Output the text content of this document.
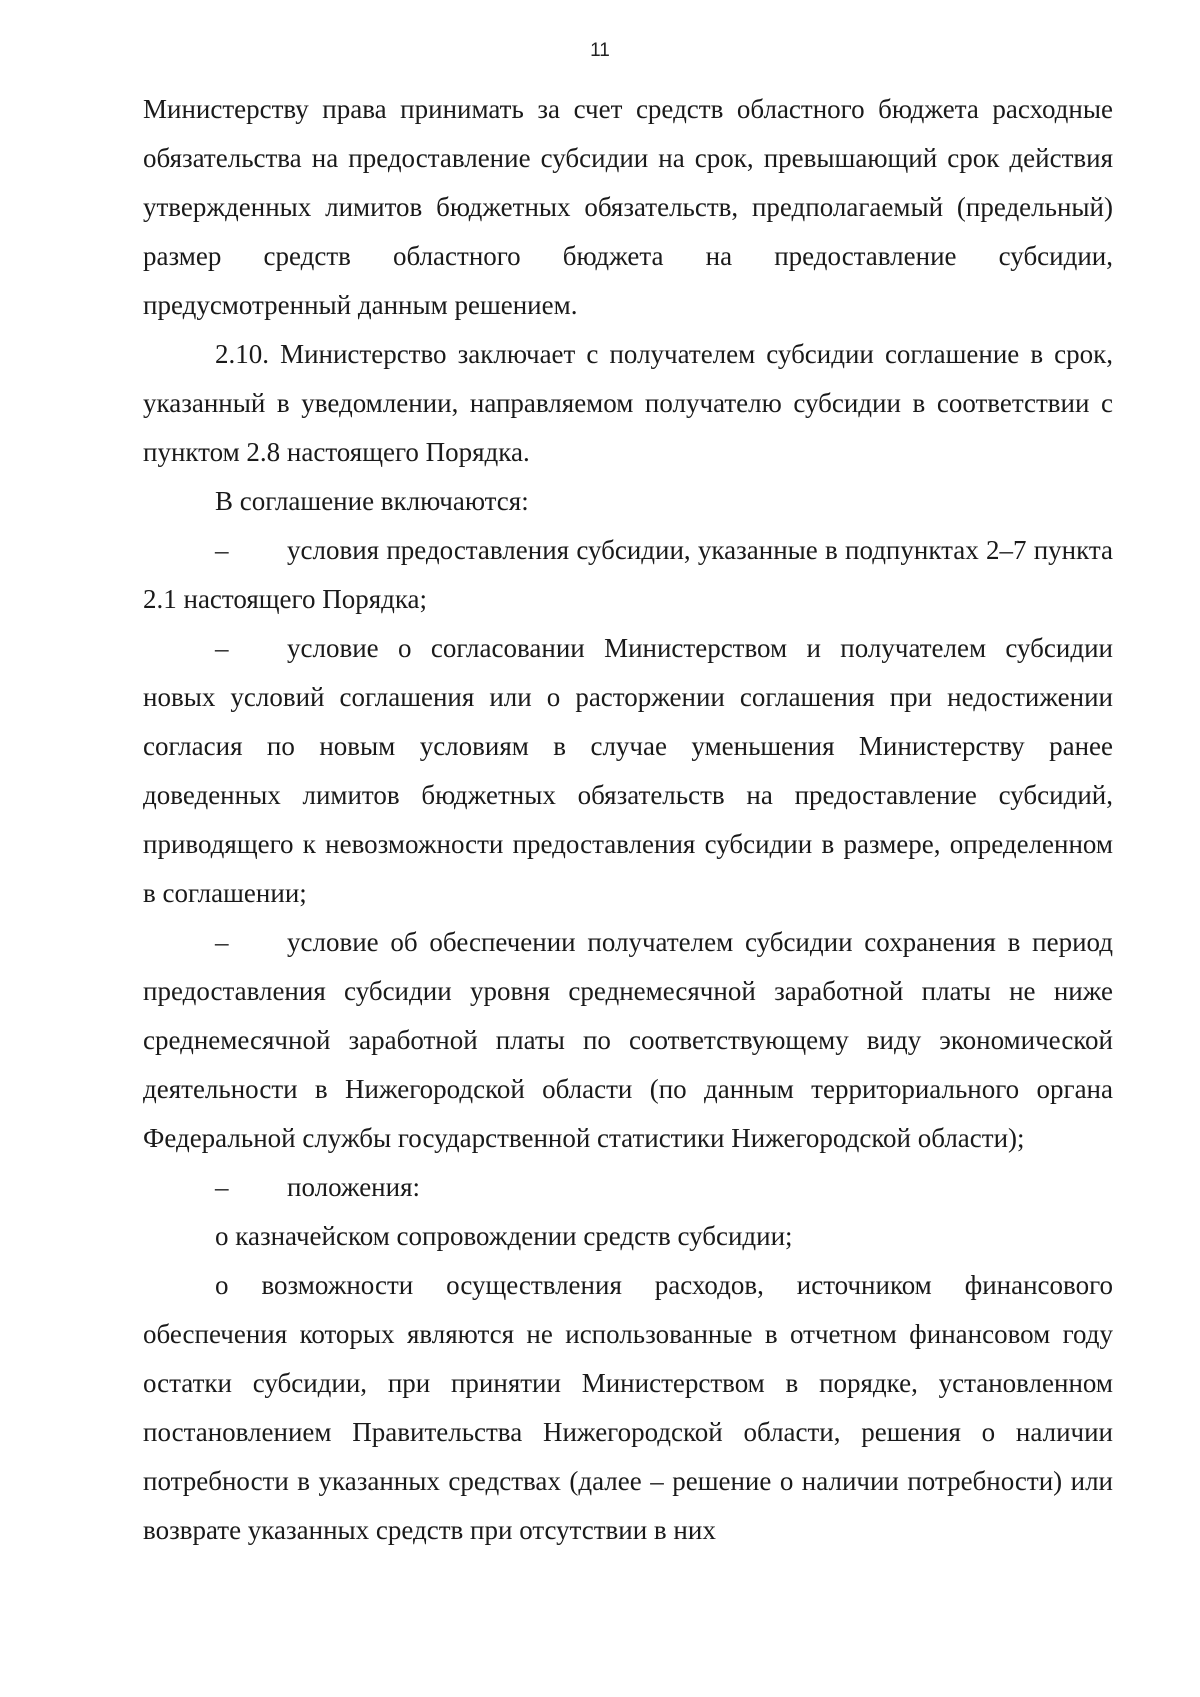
11

Министерству права принимать за счет средств областного бюджета расходные обязательства на предоставление субсидии на срок, превышающий срок действия утвержденных лимитов бюджетных обязательств, предполагаемый (предельный) размер средств областного бюджета на предоставление субсидии, предусмотренный данным решением.

2.10. Министерство заключает с получателем субсидии соглашение в срок, указанный в уведомлении, направляемом получателю субсидии в соответствии с пунктом 2.8 настоящего Порядка.

В соглашение включаются:

– условия предоставления субсидии, указанные в подпунктах 2–7 пункта 2.1 настоящего Порядка;

– условие о согласовании Министерством и получателем субсидии новых условий соглашения или о расторжении соглашения при недостижении согласия по новым условиям в случае уменьшения Министерству ранее доведенных лимитов бюджетных обязательств на предоставление субсидий, приводящего к невозможности предоставления субсидии в размере, определенном в соглашении;

– условие об обеспечении получателем субсидии сохранения в период предоставления субсидии уровня среднемесячной заработной платы не ниже среднемесячной заработной платы по соответствующему виду экономической деятельности в Нижегородской области (по данным территориального органа Федеральной службы государственной статистики Нижегородской области);

– положения:

о казначейском сопровождении средств субсидии;

о возможности осуществления расходов, источником финансового обеспечения которых являются не использованные в отчетном финансовом году остатки субсидии, при принятии Министерством в порядке, установленном постановлением Правительства Нижегородской области, решения о наличии потребности в указанных средствах (далее – решение о наличии потребности) или возврате указанных средств при отсутствии в них
